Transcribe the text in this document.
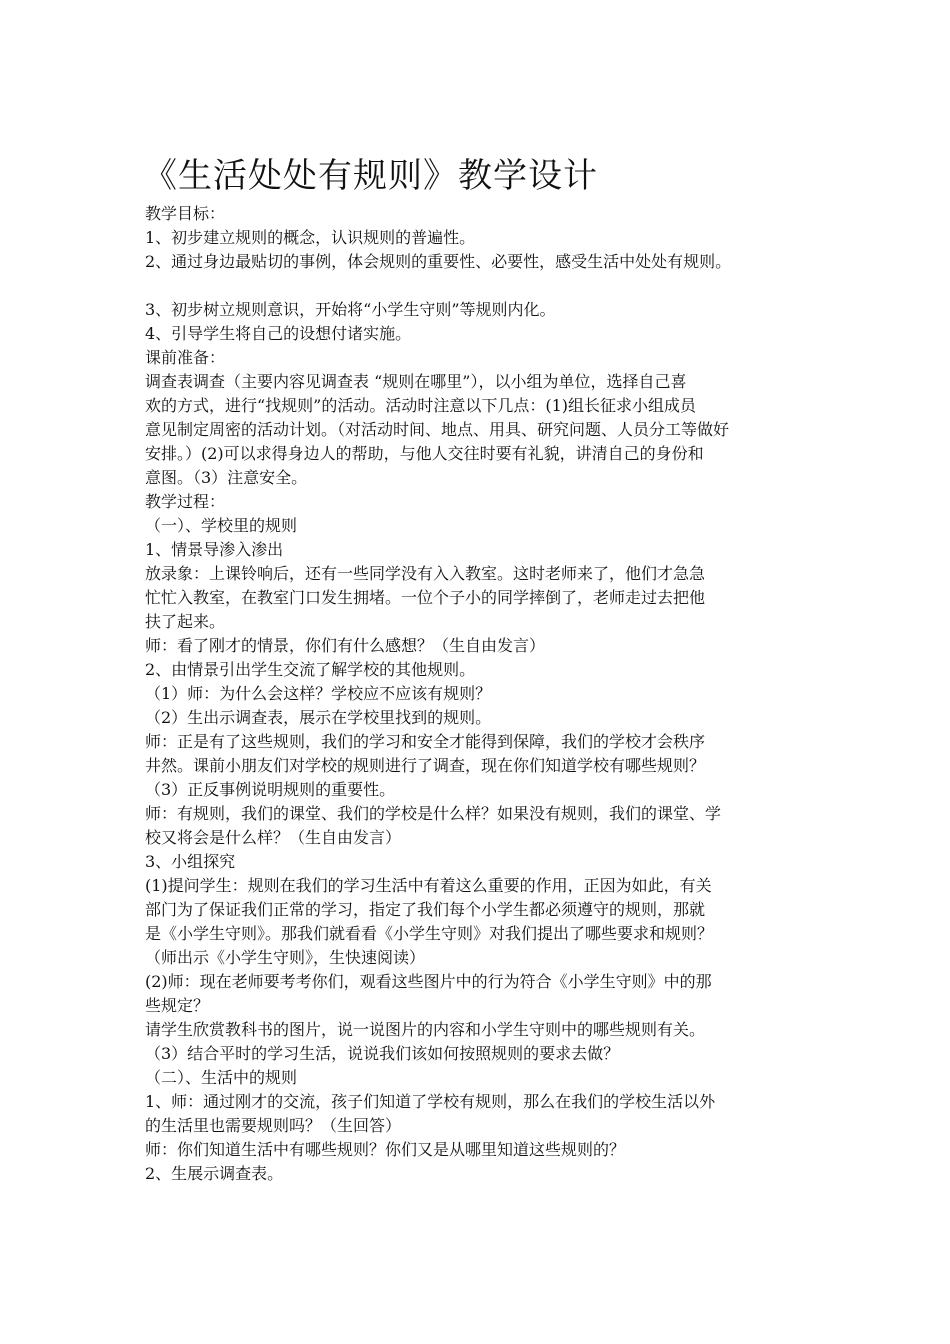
《生活处处有规则》教学设计

教学目标：

1、初步建立规则的概念，认识规则的普遍性。

2、通过身边最贴切的事例，体会规则的重要性、必要性，感受生活中处处有规则。

3、初步树立规则意识，开始将“小学生守则”等规则内化。

4、引导学生将自己的设想付诸实施。

课前准备：

调查表调查（主要内容见调查表 “规则在哪里”），以小组为单位，选择自己喜

欢的方式，进行“找规则”的活动。活动时注意以下几点：(1)组长征求小组成员

意见制定周密的活动计划。（对活动时间、地点、用具、研究问题、人员分工等做好

安排。）(2)可以求得身边人的帮助，与他人交往时要有礼貌，讲清自己的身份和

意图。（3）注意安全。

教学过程：

（一）、学校里的规则

1、情景导渗入渗出

放录象：上课铃响后，还有一些同学没有入入教室。这时老师来了，他们才急急

忙忙入教室，在教室门口发生拥堵。一位个子小的同学摔倒了，老师走过去把他

扶了起来。

师：看了刚才的情景，你们有什么感想？（生自由发言）

2、由情景引出学生交流了解学校的其他规则。

（1）师：为什么会这样？学校应不应该有规则？

（2）生出示调查表，展示在学校里找到的规则。

师：正是有了这些规则，我们的学习和安全才能得到保障，我们的学校才会秩序

井然。课前小朋友们对学校的规则进行了调查，现在你们知道学校有哪些规则？

（3）正反事例说明规则的重要性。

师：有规则，我们的课堂、我们的学校是什么样？如果没有规则，我们的课堂、学

校又将会是什么样？（生自由发言）

3、小组探究

(1)提问学生：规则在我们的学习生活中有着这么重要的作用，正因为如此，有关

部门为了保证我们正常的学习，指定了我们每个小学生都必须遵守的规则，那就

是《小学生守则》。那我们就看看《小学生守则》对我们提出了哪些要求和规则？

（师出示《小学生守则》，生快速阅读）

(2)师：现在老师要考考你们，观看这些图片中的行为符合《小学生守则》中的那

些规定？

请学生欣赏教科书的图片，说一说图片的内容和小学生守则中的哪些规则有关。

（3）结合平时的学习生活，说说我们该如何按照规则的要求去做？

（二）、生活中的规则

1、师：通过刚才的交流，孩子们知道了学校有规则，那么在我们的学校生活以外

的生活里也需要规则吗？（生回答）

师：你们知道生活中有哪些规则？你们又是从哪里知道这些规则的？

2、生展示调查表。
